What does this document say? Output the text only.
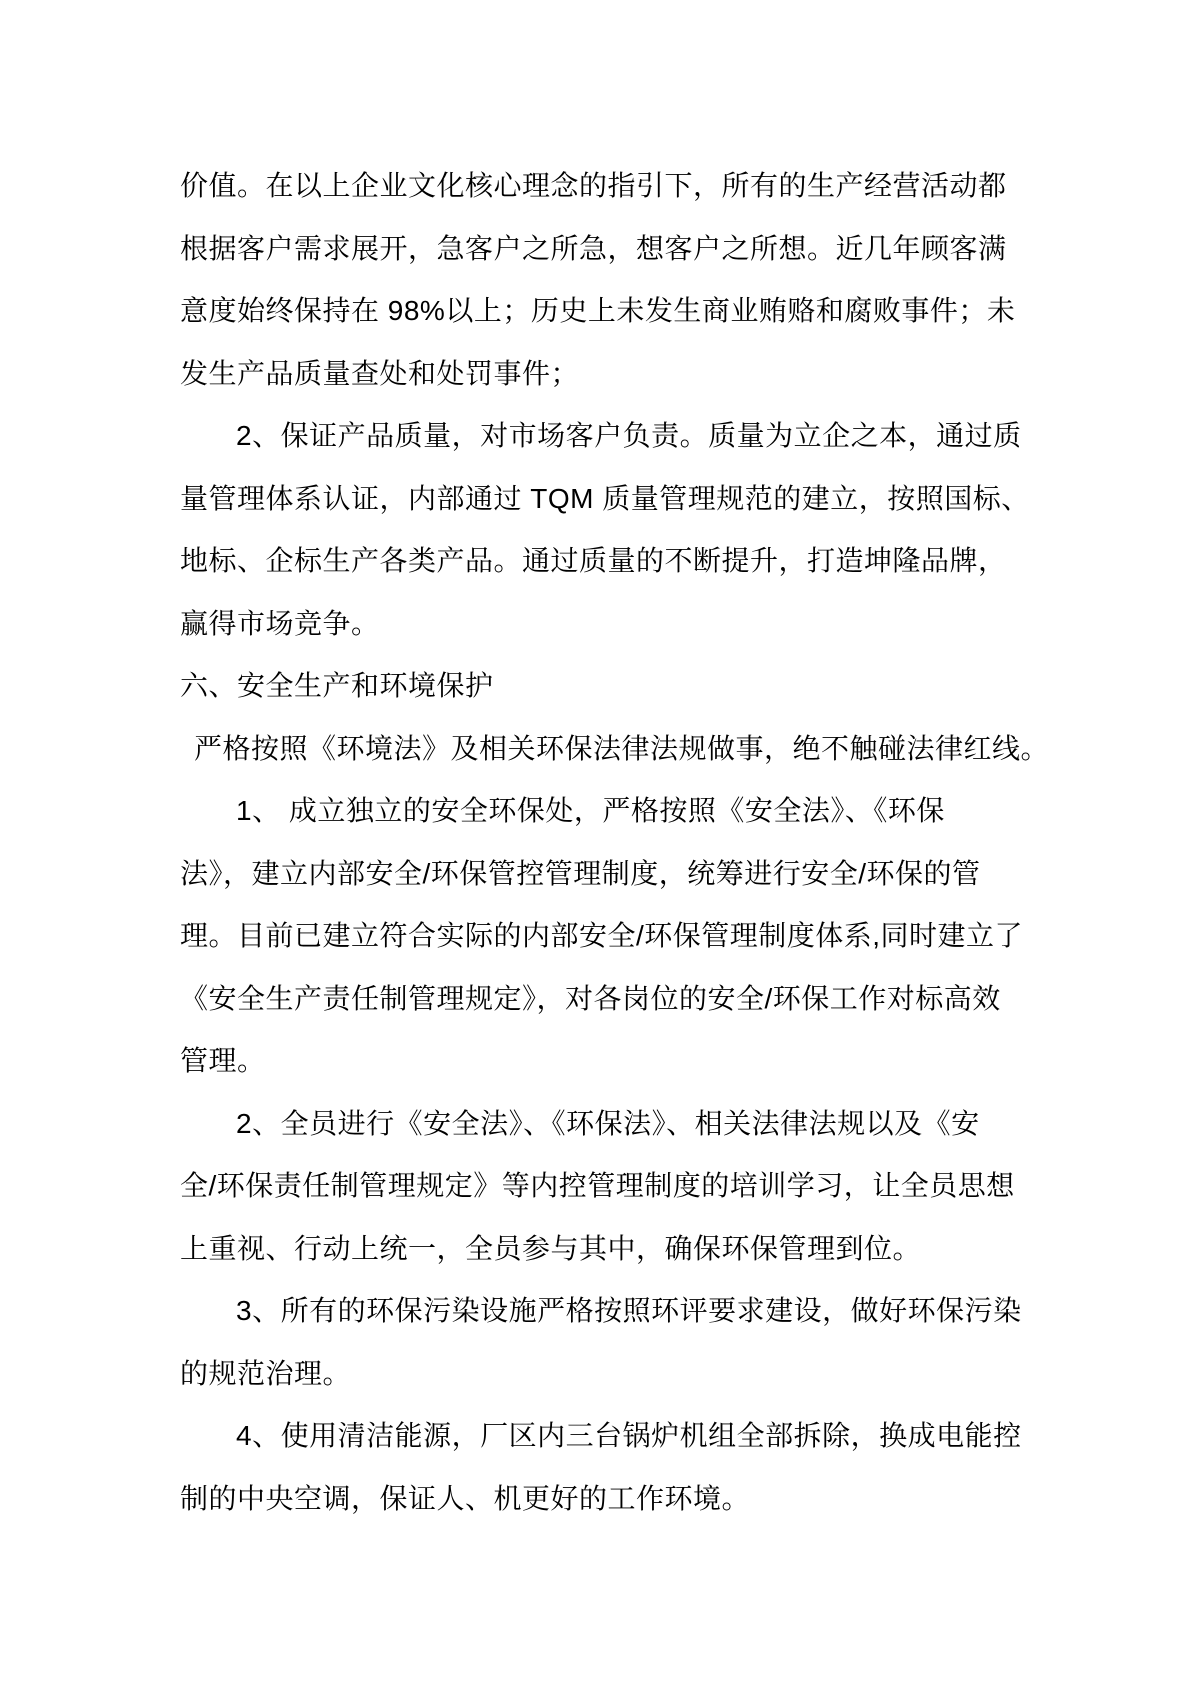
价值。在以上企业文化核心理念的指引下，所有的生产经营活动都
根据客户需求展开，急客户之所急，想客户之所想。近几年顾客满
意度始终保持在 98%以上；历史上未发生商业贿赂和腐败事件；未
发生产品质量查处和处罚事件；
2、保证产品质量，对市场客户负责。质量为立企之本，通过质
量管理体系认证，内部通过 TQM 质量管理规范的建立，按照国标、
地标、企标生产各类产品。通过质量的不断提升，打造坤隆品牌，
赢得市场竞争。
六、安全生产和环境保护
严格按照《环境法》及相关环保法律法规做事，绝不触碰法律红线。
1、 成立独立的安全环保处，严格按照《安全法》、《环保
法》，建立内部安全/环保管控管理制度，统筹进行安全/环保的管
理。目前已建立符合实际的内部安全/环保管理制度体系,同时建立了
《安全生产责任制管理规定》，对各岗位的安全/环保工作对标高效
管理。
2、全员进行《安全法》、《环保法》、相关法律法规以及《安
全/环保责任制管理规定》等内控管理制度的培训学习，让全员思想
上重视、行动上统一，全员参与其中，确保环保管理到位。
3、所有的环保污染设施严格按照环评要求建设，做好环保污染
的规范治理。
4、使用清洁能源，厂区内三台锅炉机组全部拆除，换成电能控
制的中央空调，保证人、机更好的工作环境。
